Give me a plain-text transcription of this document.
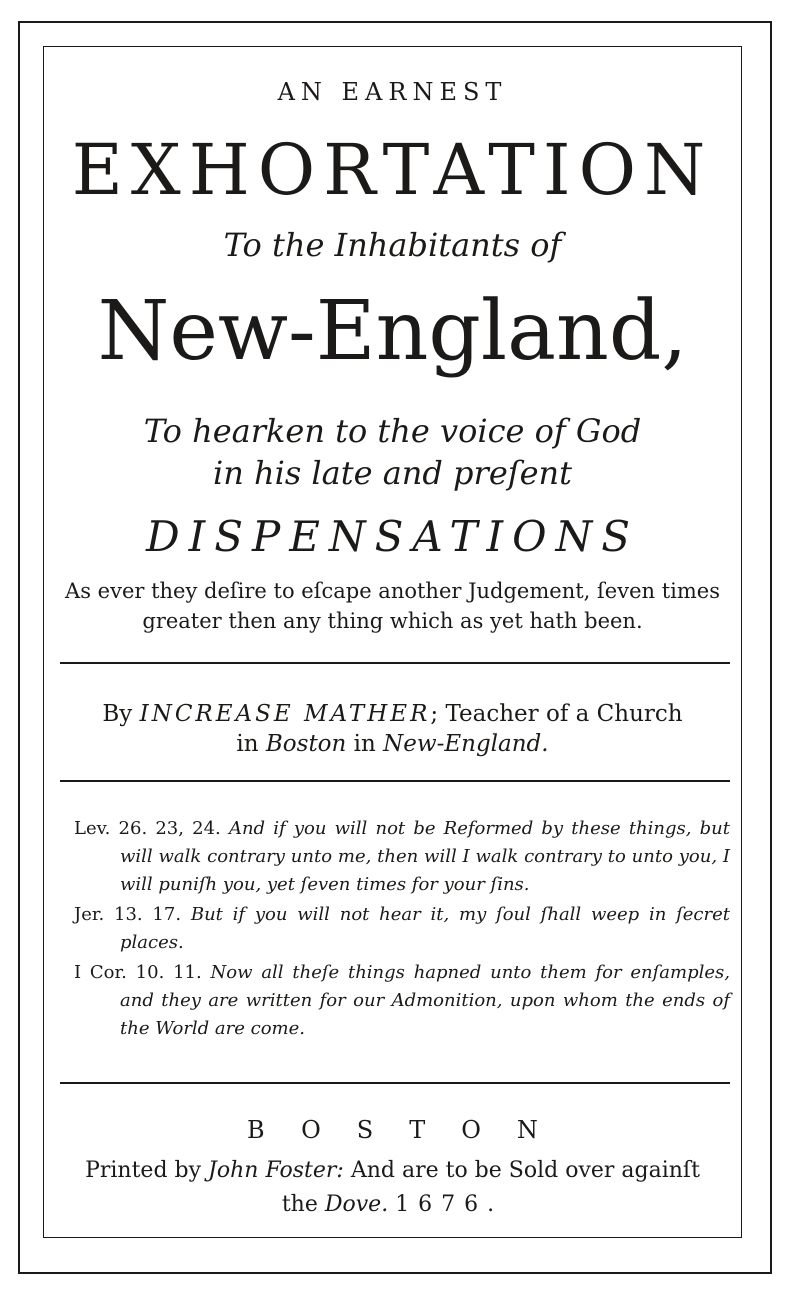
AN EARNEST

EXHORTATION

To the Inhabitants of

New-England,

To hearken to the voice of God
in his late and preſent

DISPENSATIONS

As ever they deſire to eſcape another Judgement, ſeven times
greater then any thing which as yet hath been.
By INCREASE MATHER; Teacher of a Church
in Boston in New-England.

Lev. 26. 23, 24. And if you will not be Reformed by these things, but will walk contrary unto me, then will I walk contrary to unto you, I will puniſh you, yet ſeven times for your ſins.

Jer. 13. 17. But if you will not hear it, my ſoul ſhall weep in ſecret places.

I Cor. 10. 11. Now all theſe things hapned unto them for enſamples, and they are written for our Admonition, upon whom the ends of the World are come.

BOSTON

Printed by John Foster: And are to be Sold over againſt
the Dove. 1676.
